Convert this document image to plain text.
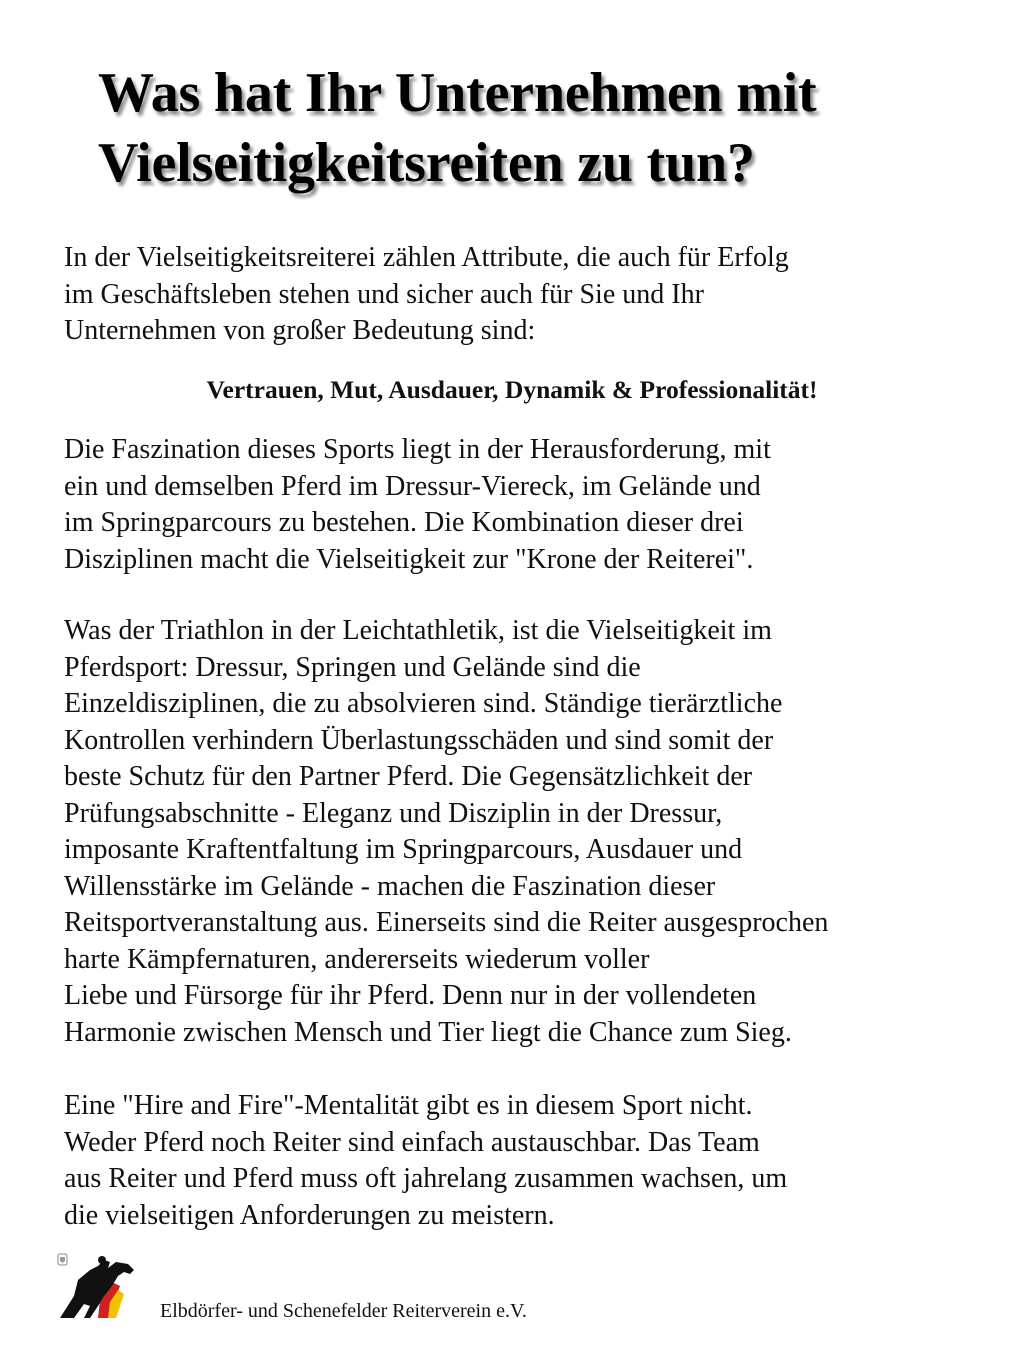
Was hat Ihr Unternehmen mit
Vielseitigkeitsreiten zu tun?
In der Vielseitigkeitsreiterei zählen Attribute, die auch für Erfolg
im Geschäftsleben stehen und sicher auch für Sie und Ihr
Unternehmen von großer Bedeutung sind:

Vertrauen, Mut, Ausdauer, Dynamik & Professionalität!

Die Faszination dieses Sports liegt in der Herausforderung, mit
ein und demselben Pferd im Dressur-Viereck, im Gelände und
im Springparcours zu bestehen. Die Kombination dieser drei
Disziplinen macht die Vielseitigkeit zur "Krone der Reiterei".
Was der Triathlon in der Leichtathletik, ist die Vielseitigkeit im
Pferdsport: Dressur, Springen und Gelände sind die
Einzeldisziplinen, die zu absolvieren sind. Ständige tierärztliche
Kontrollen verhindern Überlastungsschäden und sind somit der
beste Schutz für den Partner Pferd. Die Gegensätzlichkeit der
Prüfungsabschnitte - Eleganz und Disziplin in der Dressur,
imposante Kraftentfaltung im Springparcours, Ausdauer und
Willensstärke im Gelände - machen die Faszination dieser
Reitsportveranstaltung aus. Einerseits sind die Reiter ausgesprochen
harte Kämpfernaturen, andererseits wiederum voller
Liebe und Fürsorge für ihr Pferd. Denn nur in der vollendeten
Harmonie zwischen Mensch und Tier liegt die Chance zum Sieg.
Eine "Hire and Fire"-Mentalität gibt es in diesem Sport nicht.
Weder Pferd noch Reiter sind einfach austauschbar. Das Team
aus Reiter und Pferd muss oft jahrelang zusammen wachsen, um
die vielseitigen Anforderungen zu meistern.

Elbdörfer- und Schenefelder Reiterverein e.V.
